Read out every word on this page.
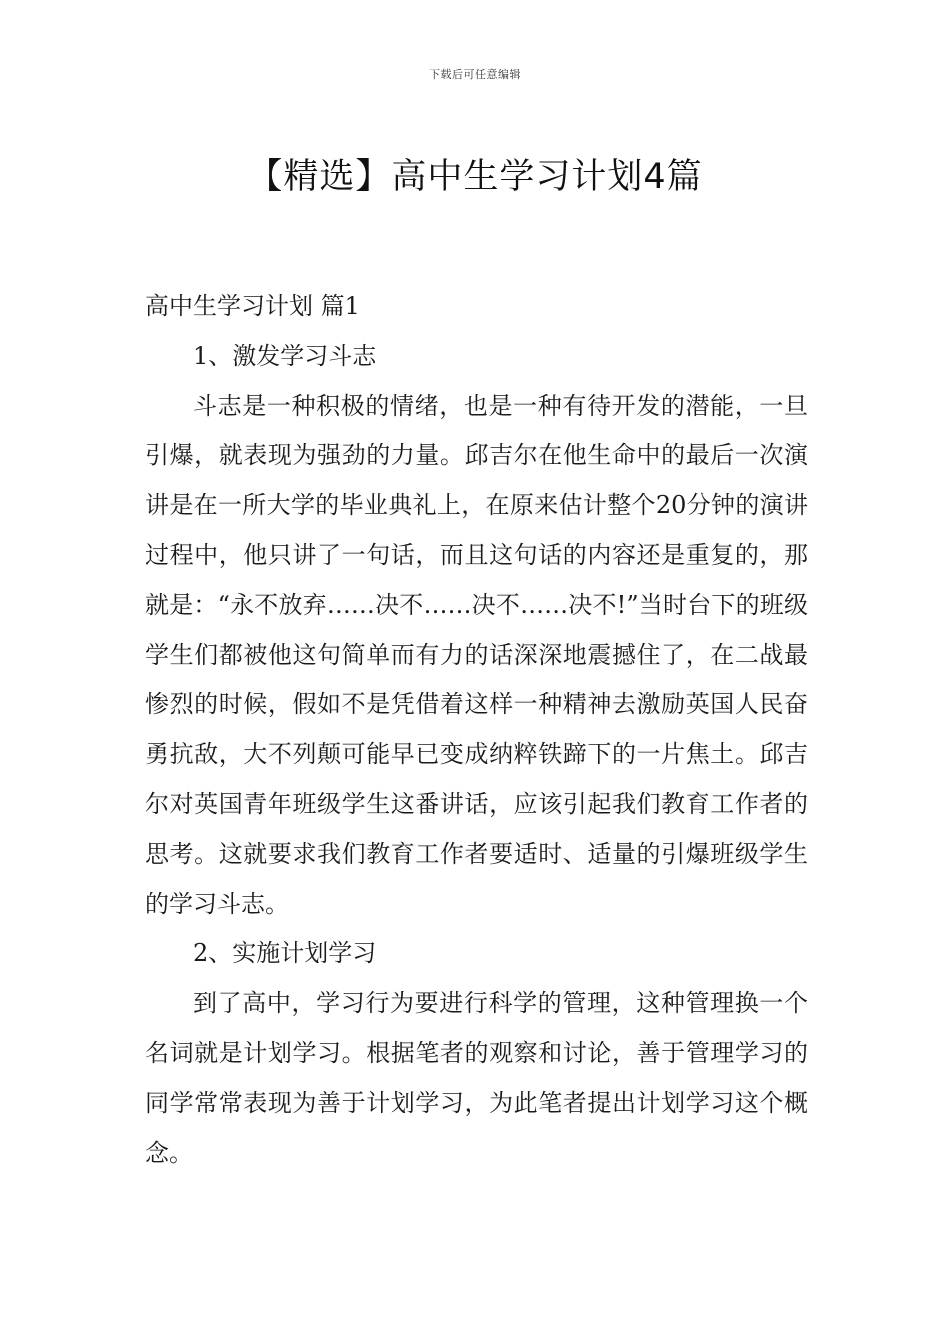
下载后可任意编辑
【精选】高中生学习计划4篇

高中生学习计划 篇1

1、激发学习斗志

斗志是一种积极的情绪，也是一种有待开发的潜能，一旦引爆，就表现为强劲的力量。邱吉尔在他生命中的最后一次演讲是在一所大学的毕业典礼上，在原来估计整个20分钟的演讲过程中，他只讲了一句话，而且这句话的内容还是重复的，那就是：“永不放弃……决不……决不……决不!”当时台下的班级学生们都被他这句简单而有力的话深深地震撼住了，在二战最惨烈的时候，假如不是凭借着这样一种精神去激励英国人民奋勇抗敌，大不列颠可能早已变成纳粹铁蹄下的一片焦土。邱吉尔对英国青年班级学生这番讲话，应该引起我们教育工作者的思考。这就要求我们教育工作者要适时、适量的引爆班级学生的学习斗志。

2、实施计划学习

到了高中，学习行为要进行科学的管理，这种管理换一个名词就是计划学习。根据笔者的观察和讨论，善于管理学习的同学常常表现为善于计划学习，为此笔者提出计划学习这个概念。
